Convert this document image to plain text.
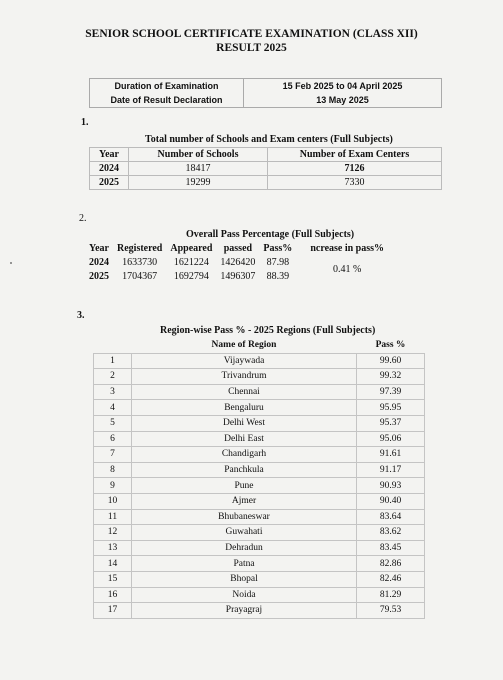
SENIOR SCHOOL CERTIFICATE EXAMINATION (CLASS XII)
RESULT 2025
Duration of Examination	15 Feb 2025 to 04 April 2025
Date of Result Declaration	13 May 2025
1.
Total number of Schools and Exam centers (Full Subjects)
Year	Number of Schools	Number of Exam Centers
2024	18417	7126
2025	19299	7330
2.
Overall Pass Percentage (Full Subjects)
Year	Registered	Appeared	passed	Pass%	ncrease in pass%
2024	1633730	1621224	1426420	87.98	0.41 %
2025	1704367	1692794	1496307	88.39	
3.
Region-wise Pass % - 2025 Regions (Full Subjects)
	Name of Region	Pass %
1	Vijaywada	99.60
2	Trivandrum	99.32
3	Chennai	97.39
4	Bengaluru	95.95
5	Delhi West	95.37
6	Delhi East	95.06
7	Chandigarh	91.61
8	Panchkula	91.17
9	Pune	90.93
10	Ajmer	90.40
11	Bhubaneswar	83.64
12	Guwahati	83.62
13	Dehradun	83.45
14	Patna	82.86
15	Bhopal	82.46
16	Noida	81.29
17	Prayagraj	79.53
